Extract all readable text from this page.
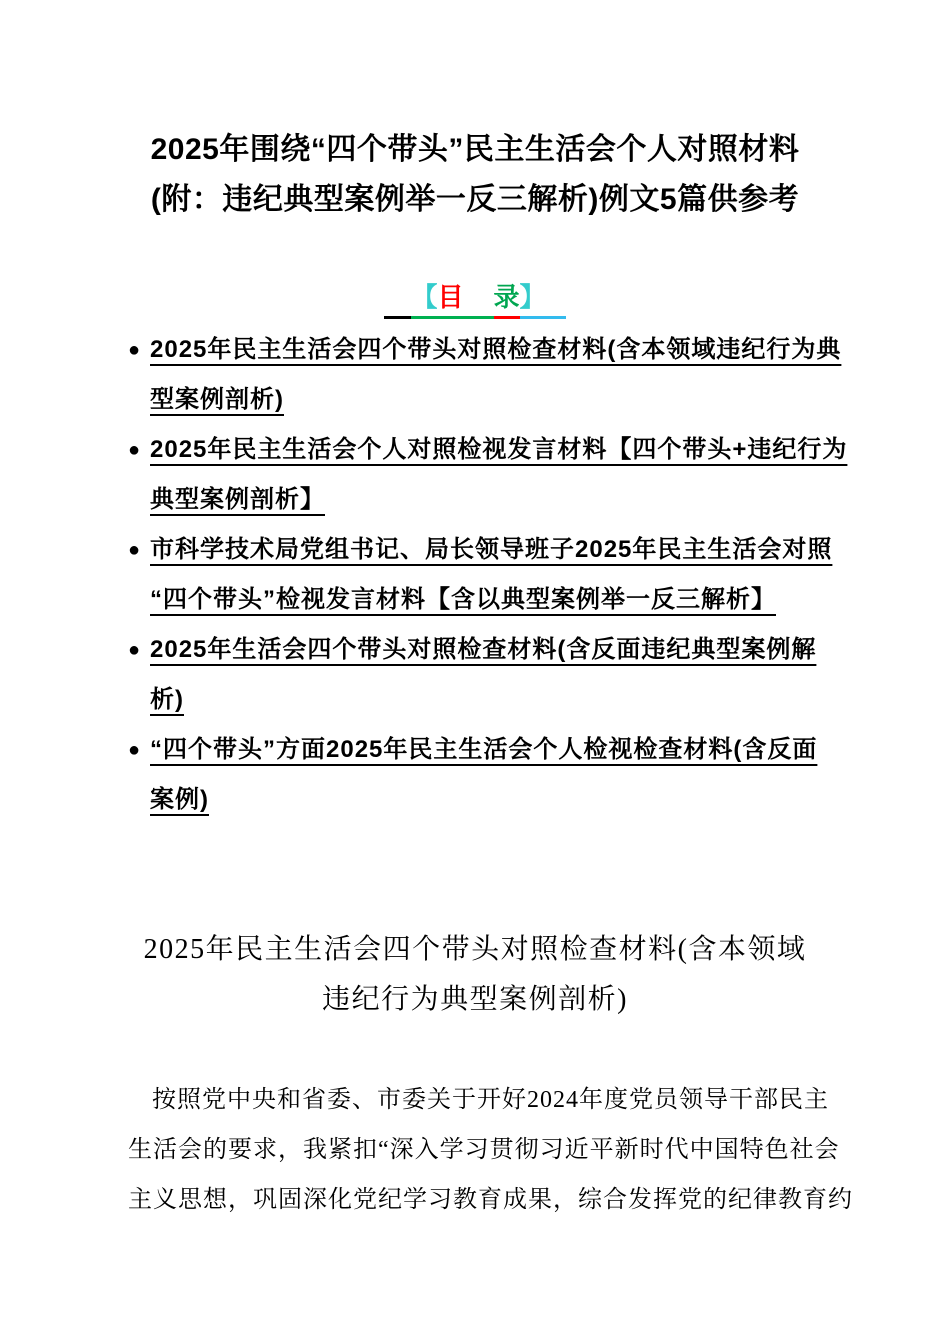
2025年围绕“四个带头”民主生活会个人对照材料
(附：违纪典型案例举一反三解析)例文5篇供参考
【目 录】
● 2025年民主生活会四个带头对照检查材料(含本领域违纪行为典
型案例剖析)
● 2025年民主生活会个人对照检视发言材料【四个带头+违纪行为
典型案例剖析】
● 市科学技术局党组书记、局长领导班子2025年民主生活会对照
“四个带头”检视发言材料【含以典型案例举一反三解析】
● 2025年生活会四个带头对照检查材料(含反面违纪典型案例解
析)
● “四个带头”方面2025年民主生活会个人检视检查材料(含反面
案例)
2025年民主生活会四个带头对照检查材料(含本领域
违纪行为典型案例剖析)
按照党中央和省委、市委关于开好2024年度党员领导干部民主
生活会的要求，我紧扣“深入学习贯彻习近平新时代中国特色社会
主义思想，巩固深化党纪学习教育成果，综合发挥党的纪律教育约
